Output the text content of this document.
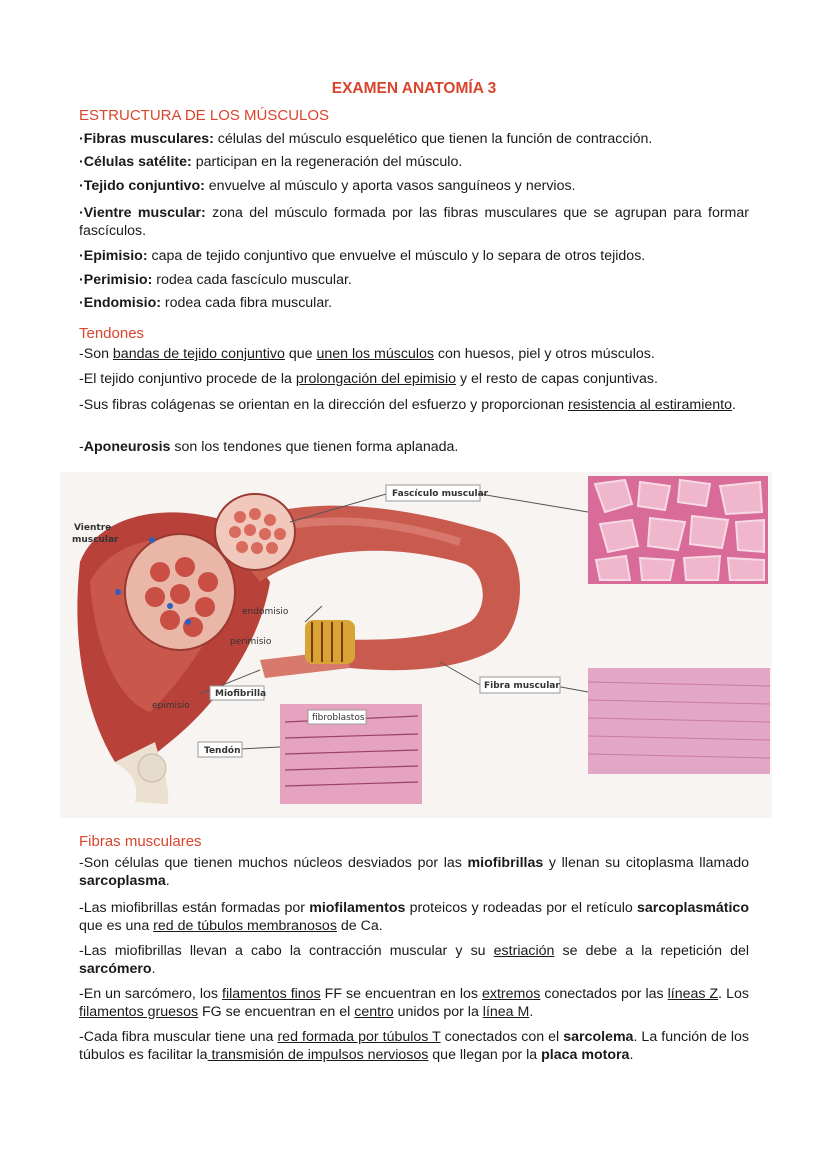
EXAMEN ANATOMÍA 3
ESTRUCTURA DE LOS MÚSCULOS

·Fibras musculares: células del músculo esquelético que tienen la función de contracción.

·Células satélite: participan en la regeneración del músculo.

·Tejido conjuntivo: envuelve al músculo y aporta vasos sanguíneos y nervios.

·Vientre muscular: zona del músculo formada por las fibras musculares que se agrupan para formar fascículos.

·Epimisio: capa de tejido conjuntivo que envuelve el músculo y lo separa de otros tejidos.

·Perimisio: rodea cada fascículo muscular.

·Endomisio: rodea cada fibra muscular.

Tendones

-Son bandas de tejido conjuntivo que unen los músculos con huesos, piel y otros músculos.

-El tejido conjuntivo procede de la prolongación del epimisio y el resto de capas conjuntivas.

-Sus fibras colágenas se orientan en la dirección del esfuerzo y proporcionan resistencia al estiramiento.

-Aponeurosis son los tendones que tienen forma aplanada.

Fascículo muscular
Vientre
muscular
endomisio
perimisio
Miofibrilla
epimisio
Fibra muscular
fibroblastos
Tendón
Fibras musculares

-Son células que tienen muchos núcleos desviados por las miofibrillas y llenan su citoplasma llamado sarcoplasma.

-Las miofibrillas están formadas por miofilamentos proteicos y rodeadas por el retículo sarcoplasmático que es una red de túbulos membranosos de Ca.

-Las miofibrillas llevan a cabo la contracción muscular y su estriación se debe a la repetición del sarcómero.

-En un sarcómero, los filamentos finos FF se encuentran en los extremos conectados por las líneas Z. Los filamentos gruesos FG se encuentran en el centro unidos por la línea M.

-Cada fibra muscular tiene una red formada por túbulos T conectados con el sarcolema. La función de los túbulos es facilitar la transmisión de impulsos nerviosos que llegan por la placa motora.
